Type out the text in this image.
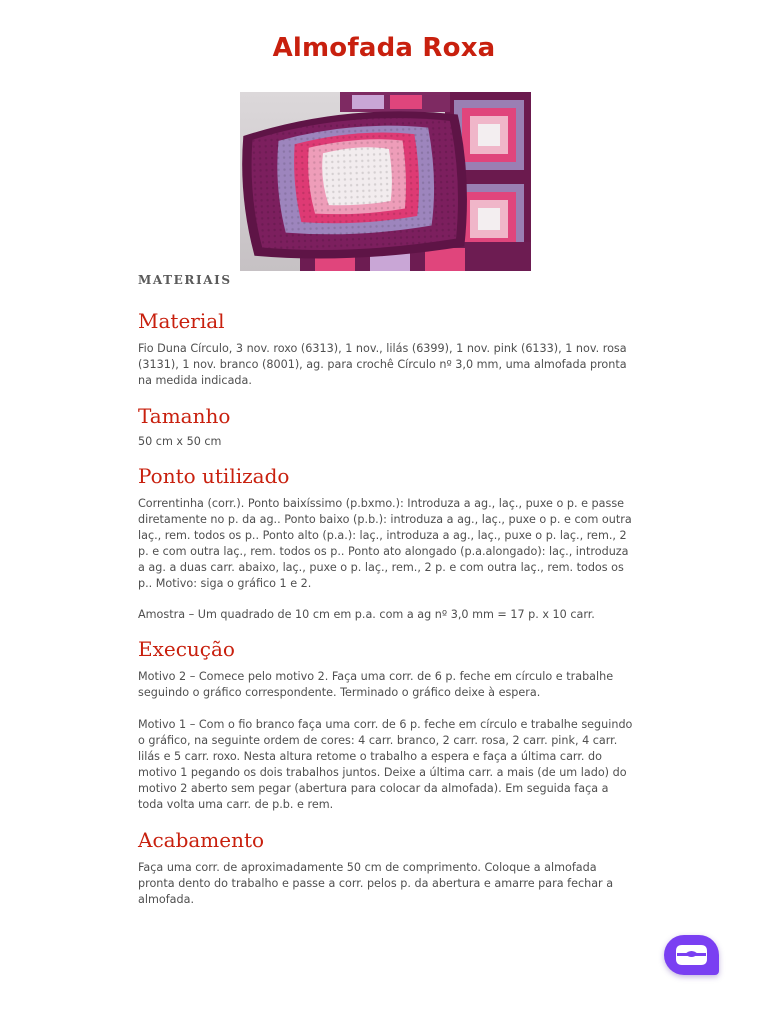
Almofada Roxa
MATERIAIS
Material

Fio Duna Círculo, 3 nov. roxo (6313), 1 nov., lilás (6399), 1 nov. pink (6133), 1 nov. rosa (3131), 1 nov. branco (8001), ag. para crochê Círculo nº 3,0 mm, uma almofada pronta na medida indicada.

Tamanho

50 cm x 50 cm

Ponto utilizado

Correntinha (corr.). Ponto baixíssimo (p.bxmo.): Introduza a ag., laç., puxe o p. e passe diretamente no p. da ag.. Ponto baixo (p.b.): introduza a ag., laç., puxe o p. e com outra laç., rem. todos os p.. Ponto alto (p.a.): laç., introduza a ag., laç., puxe o p. laç., rem., 2 p. e com outra laç., rem. todos os p.. Ponto ato alongado (p.a.alongado): laç., introduza a ag. a duas carr. abaixo, laç., puxe o p. laç., rem., 2 p. e com outra laç., rem. todos os p.. Motivo: siga o gráfico 1 e 2.

Amostra – Um quadrado de 10 cm em p.a. com a ag nº 3,0 mm = 17 p. x 10 carr.

Execução

Motivo 2 – Comece pelo motivo 2. Faça uma corr. de 6 p. feche em círculo e trabalhe seguindo o gráfico correspondente. Terminado o gráfico deixe à espera.

Motivo 1 – Com o fio branco faça uma corr. de 6 p. feche em círculo e trabalhe seguindo o gráfico, na seguinte ordem de cores: 4 carr. branco, 2 carr. rosa, 2 carr. pink, 4 carr. lilás e 5 carr. roxo. Nesta altura retome o trabalho a espera e faça a última carr. do motivo 1 pegando os dois trabalhos juntos. Deixe a última carr. a mais (de um lado) do motivo 2 aberto sem pegar (abertura para colocar da almofada). Em seguida faça a toda volta uma carr. de p.b. e rem.

Acabamento

Faça uma corr. de aproximadamente 50 cm de comprimento. Coloque a almofada pronta dento do trabalho e passe a corr. pelos p. da abertura e amarre para fechar a almofada.
